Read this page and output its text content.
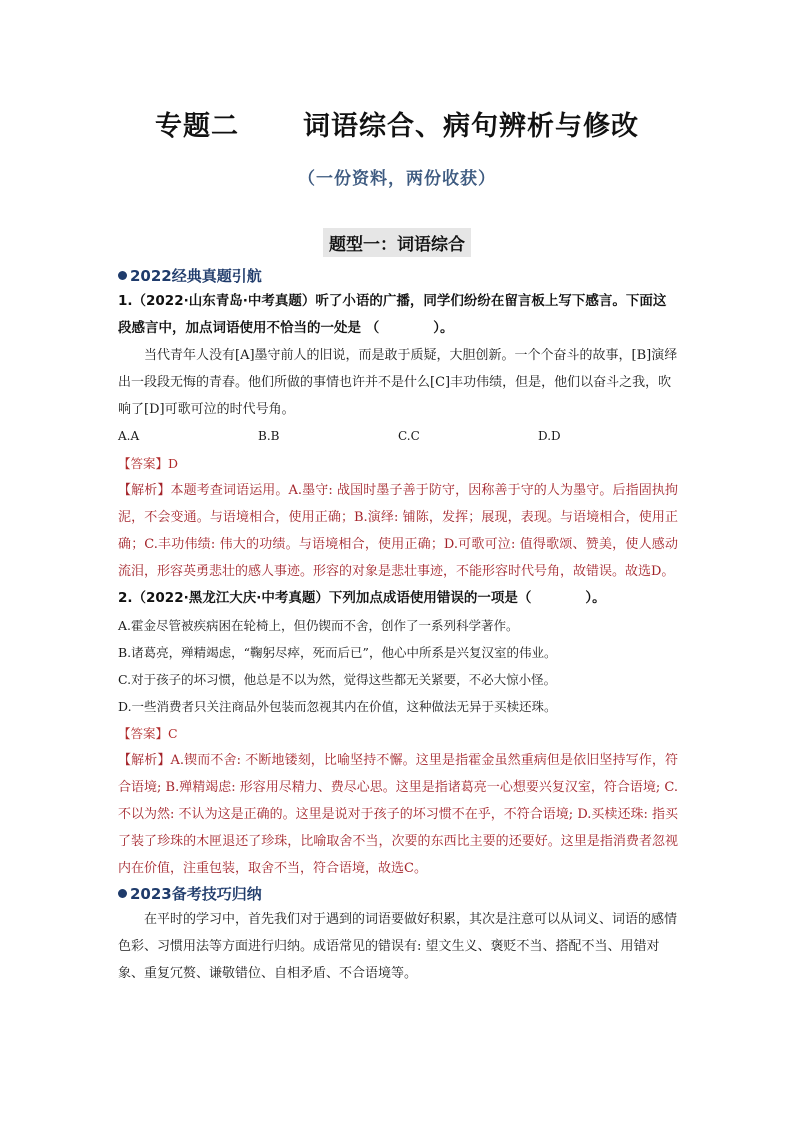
专题二 词语综合、病句辨析与修改
（一份资料，两份收获）
题型一：词语综合

2022经典真题引航

1.（2022·山东青岛·中考真题）听了小语的广播，同学们纷纷在留言板上写下感言。下面这段感言中，加点词语使用不恰当的一处是 （　　　　）。

当代青年人没有[A]墨守前人的旧说，而是敢于质疑，大胆创新。一个个奋斗的故事，[B]演绎出一段段无悔的青春。他们所做的事情也许并不是什么[C]丰功伟绩，但是，他们以奋斗之我，吹响了[D]可歌可泣的时代号角。

A.A	B.B	C.C	D.D

【答案】D

【解析】本题考查词语运用。A.墨守: 战国时墨子善于防守，因称善于守的人为墨守。后指固执拘泥，不会变通。与语境相合，使用正确；B.演绎: 铺陈，发挥；展现，表现。与语境相合，使用正确；C.丰功伟绩: 伟大的功绩。与语境相合，使用正确；D.可歌可泣: 值得歌颂、赞美，使人感动流泪，形容英勇悲壮的感人事迹。形容的对象是悲壮事迹，不能形容时代号角，故错误。故选D。

2.（2022·黑龙江大庆·中考真题）下列加点成语使用错误的一项是（　　　　）。

A.霍金尽管被疾病困在轮椅上，但仍锲而不舍，创作了一系列科学著作。

B.诸葛亮，殚精竭虑，“鞠躬尽瘁，死而后已”，他心中所系是兴复汉室的伟业。

C.对于孩子的坏习惯，他总是不以为然，觉得这些都无关紧要，不必大惊小怪。

D.一些消费者只关注商品外包装而忽视其内在价值，这种做法无异于买椟还珠。

【答案】C

【解析】A.锲而不舍: 不断地镂刻，比喻坚持不懈。这里是指霍金虽然重病但是依旧坚持写作，符合语境; B.殚精竭虑: 形容用尽精力、费尽心思。这里是指诸葛亮一心想要兴复汉室，符合语境; C.不以为然: 不认为这是正确的。这里是说对于孩子的坏习惯不在乎，不符合语境; D.买椟还珠: 指买了装了珍珠的木匣退还了珍珠，比喻取舍不当，次要的东西比主要的还要好。这里是指消费者忽视内在价值，注重包装，取舍不当，符合语境，故选C。

2023备考技巧归纳

在平时的学习中，首先我们对于遇到的词语要做好积累，其次是注意可以从词义、词语的感情色彩、习惯用法等方面进行归纳。成语常见的错误有: 望文生义、褒贬不当、搭配不当、用错对象、重复冗赘、谦敬错位、自相矛盾、不合语境等。
